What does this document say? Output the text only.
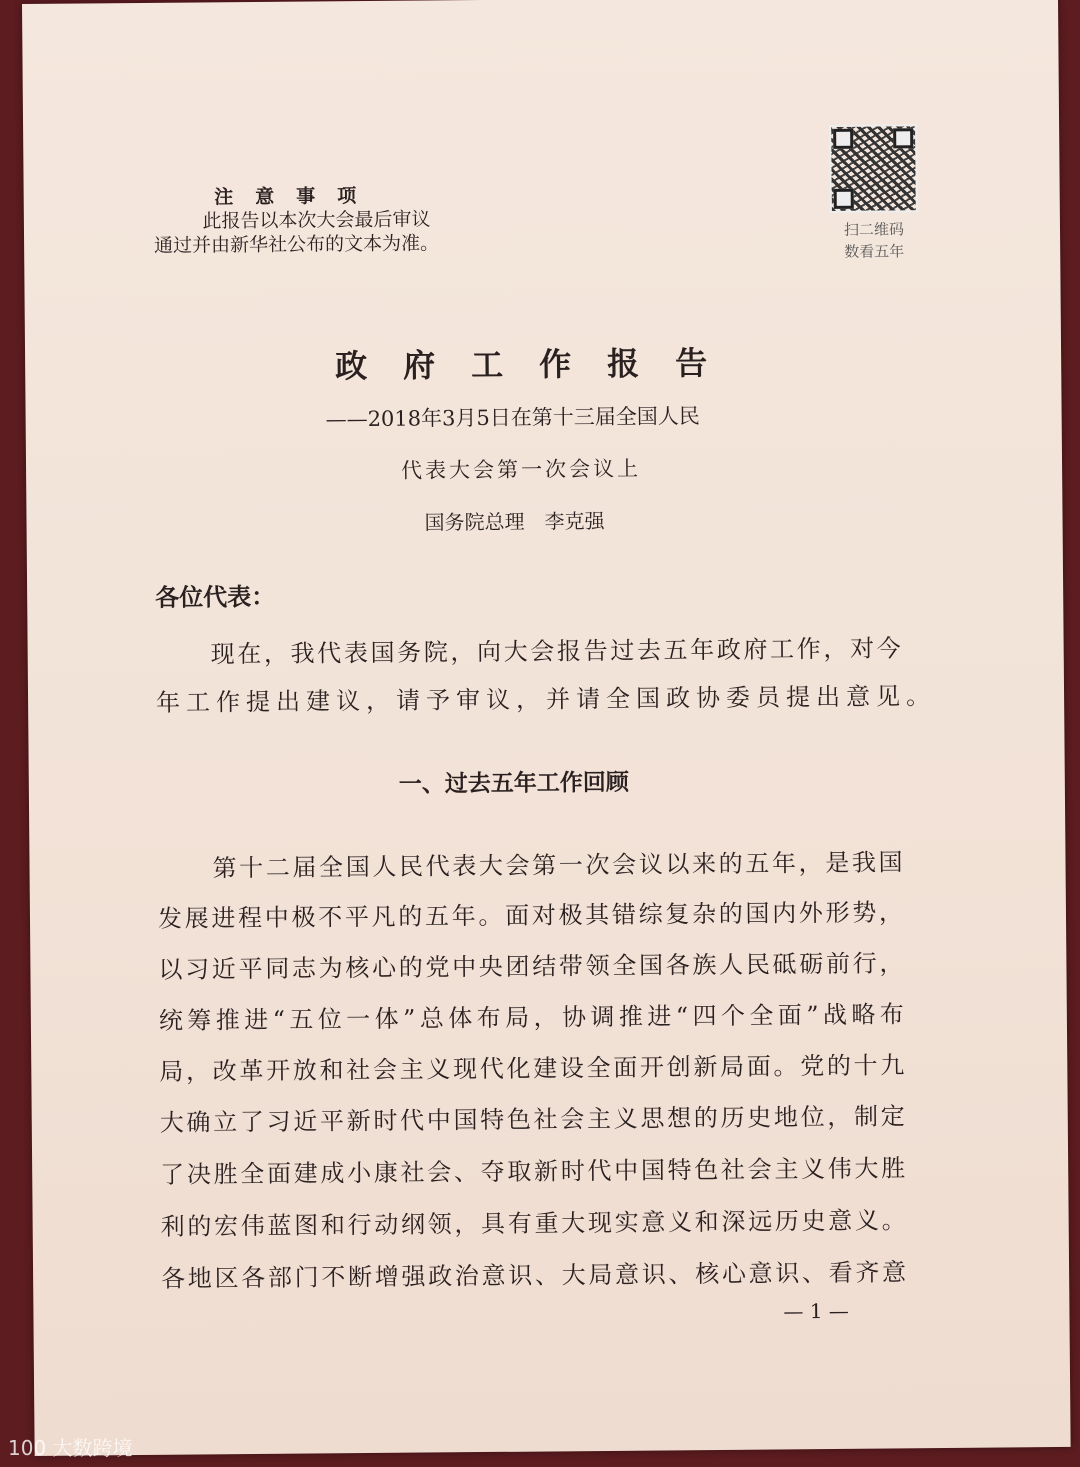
注意事项
此报告以本次大会最后审议
通过并由新华社公布的文本为准。
扫二维码
数看五年
政府工作报告
——2018年3月5日在第十三届全国人民
代表大会第一次会议上
国务院总理　李克强
各位代表：
现在，我代表国务院，向大会报告过去五年政府工作，对今
年工作提出建议，请予审议，并请全国政协委员提出意见。
一、过去五年工作回顾
第十二届全国人民代表大会第一次会议以来的五年，是我国
发展进程中极不平凡的五年。面对极其错综复杂的国内外形势，
以习近平同志为核心的党中央团结带领全国各族人民砥砺前行，
统筹推进“五位一体”总体布局，协调推进“四个全面”战略布
局，改革开放和社会主义现代化建设全面开创新局面。党的十九
大确立了习近平新时代中国特色社会主义思想的历史地位，制定
了决胜全面建成小康社会、夺取新时代中国特色社会主义伟大胜
利的宏伟蓝图和行动纲领，具有重大现实意义和深远历史意义。
各地区各部门不断增强政治意识、大局意识、核心意识、看齐意
— 1 —
100 大数跨境
